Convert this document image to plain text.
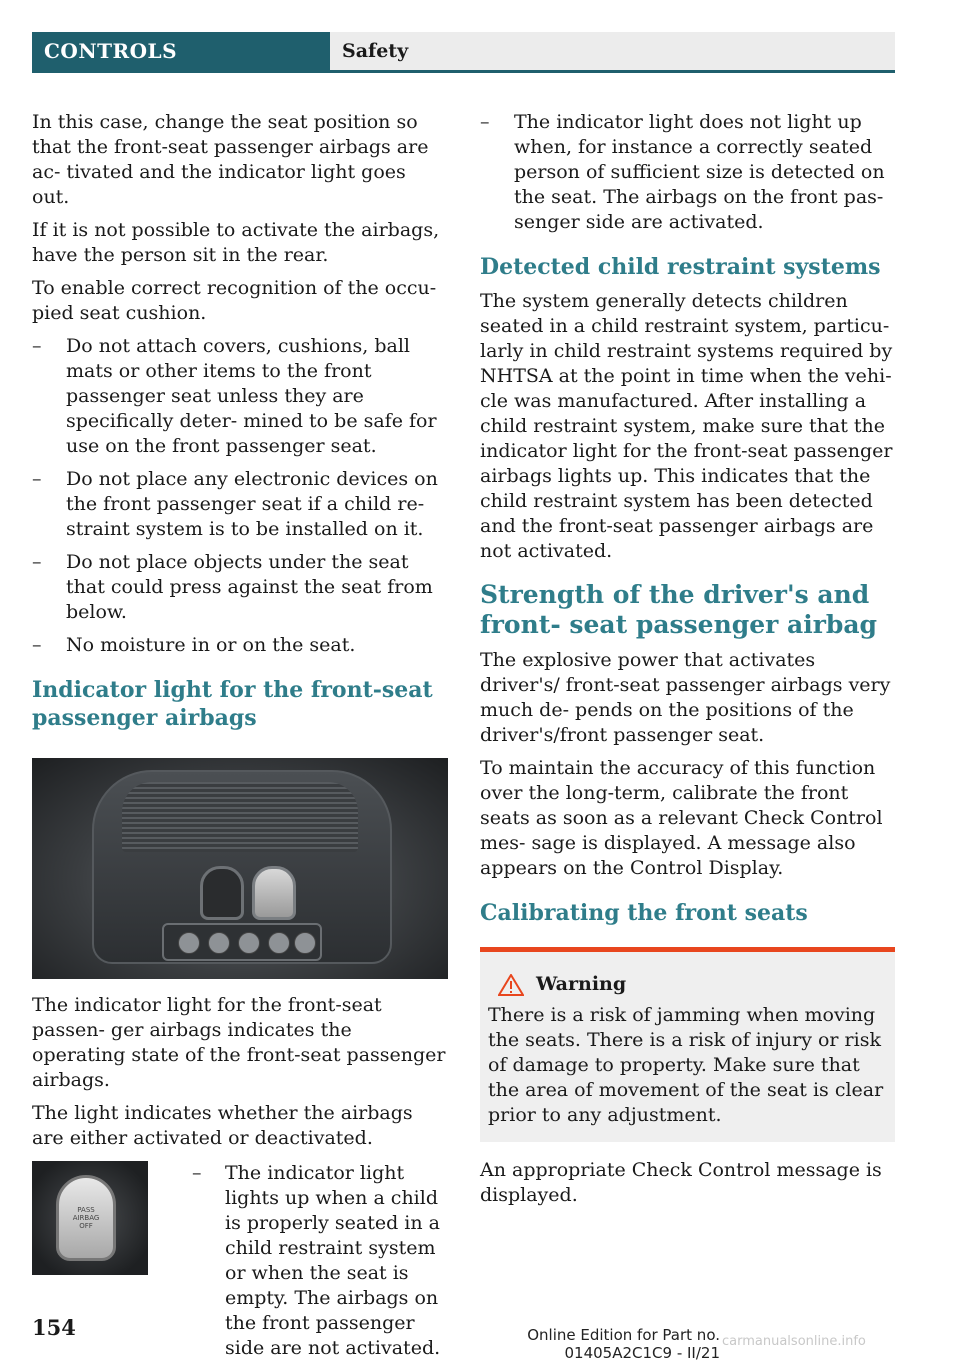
CONTROLS	Safety

In this case, change the seat position so that the front-seat passenger airbags are ac‐ tivated and the indicator light goes out.

If it is not possible to activate the airbags, have the person sit in the rear.

To enable correct recognition of the occu‐ pied seat cushion.

– Do not attach covers, cushions, ball mats or other items to the front passenger seat unless they are specifically deter‐ mined to be safe for use on the front passenger seat.
– Do not place any electronic devices on the front passenger seat if a child re‐ straint system is to be installed on it.
– Do not place objects under the seat that could press against the seat from below.
– No moisture in or on the seat.
Indicator light for the front-seat passenger airbags

The indicator light for the front-seat passen‐ ger airbags indicates the operating state of the front-seat passenger airbags.

The light indicates whether the airbags are either activated or deactivated.

PASS
AIRBAG
OFF
– The indicator light lights up when a child is properly seated in a child restraint system or when the seat is empty. The airbags on the front passenger side are not activated.
– The indicator light does not light up when, for instance a correctly seated person of sufficient size is detected on the seat. The airbags on the front pas‐ senger side are activated.
Detected child restraint systems

The system generally detects children seated in a child restraint system, particu‐ larly in child restraint systems required by NHTSA at the point in time when the vehi‐ cle was manufactured. After installing a child restraint system, make sure that the indicator light for the front-seat passenger airbags lights up. This indicates that the child restraint system has been detected and the front-seat passenger airbags are not activated.

Strength of the driver's and front- seat passenger airbag

The explosive power that activates driver's/ front-seat passenger airbags very much de‐ pends on the positions of the driver's/front passenger seat.

To maintain the accuracy of this function over the long-term, calibrate the front seats as soon as a relevant Check Control mes‐ sage is displayed. A message also appears on the Control Display.

Calibrating the front seats
Warning

There is a risk of jamming when moving the seats. There is a risk of injury or risk of damage to property. Make sure that the area of movement of the seat is clear prior to any adjustment.

An appropriate Check Control message is displayed.

154	Online Edition for Part no. 01405A2C1C9 - II/21
carmanualsonline.info
